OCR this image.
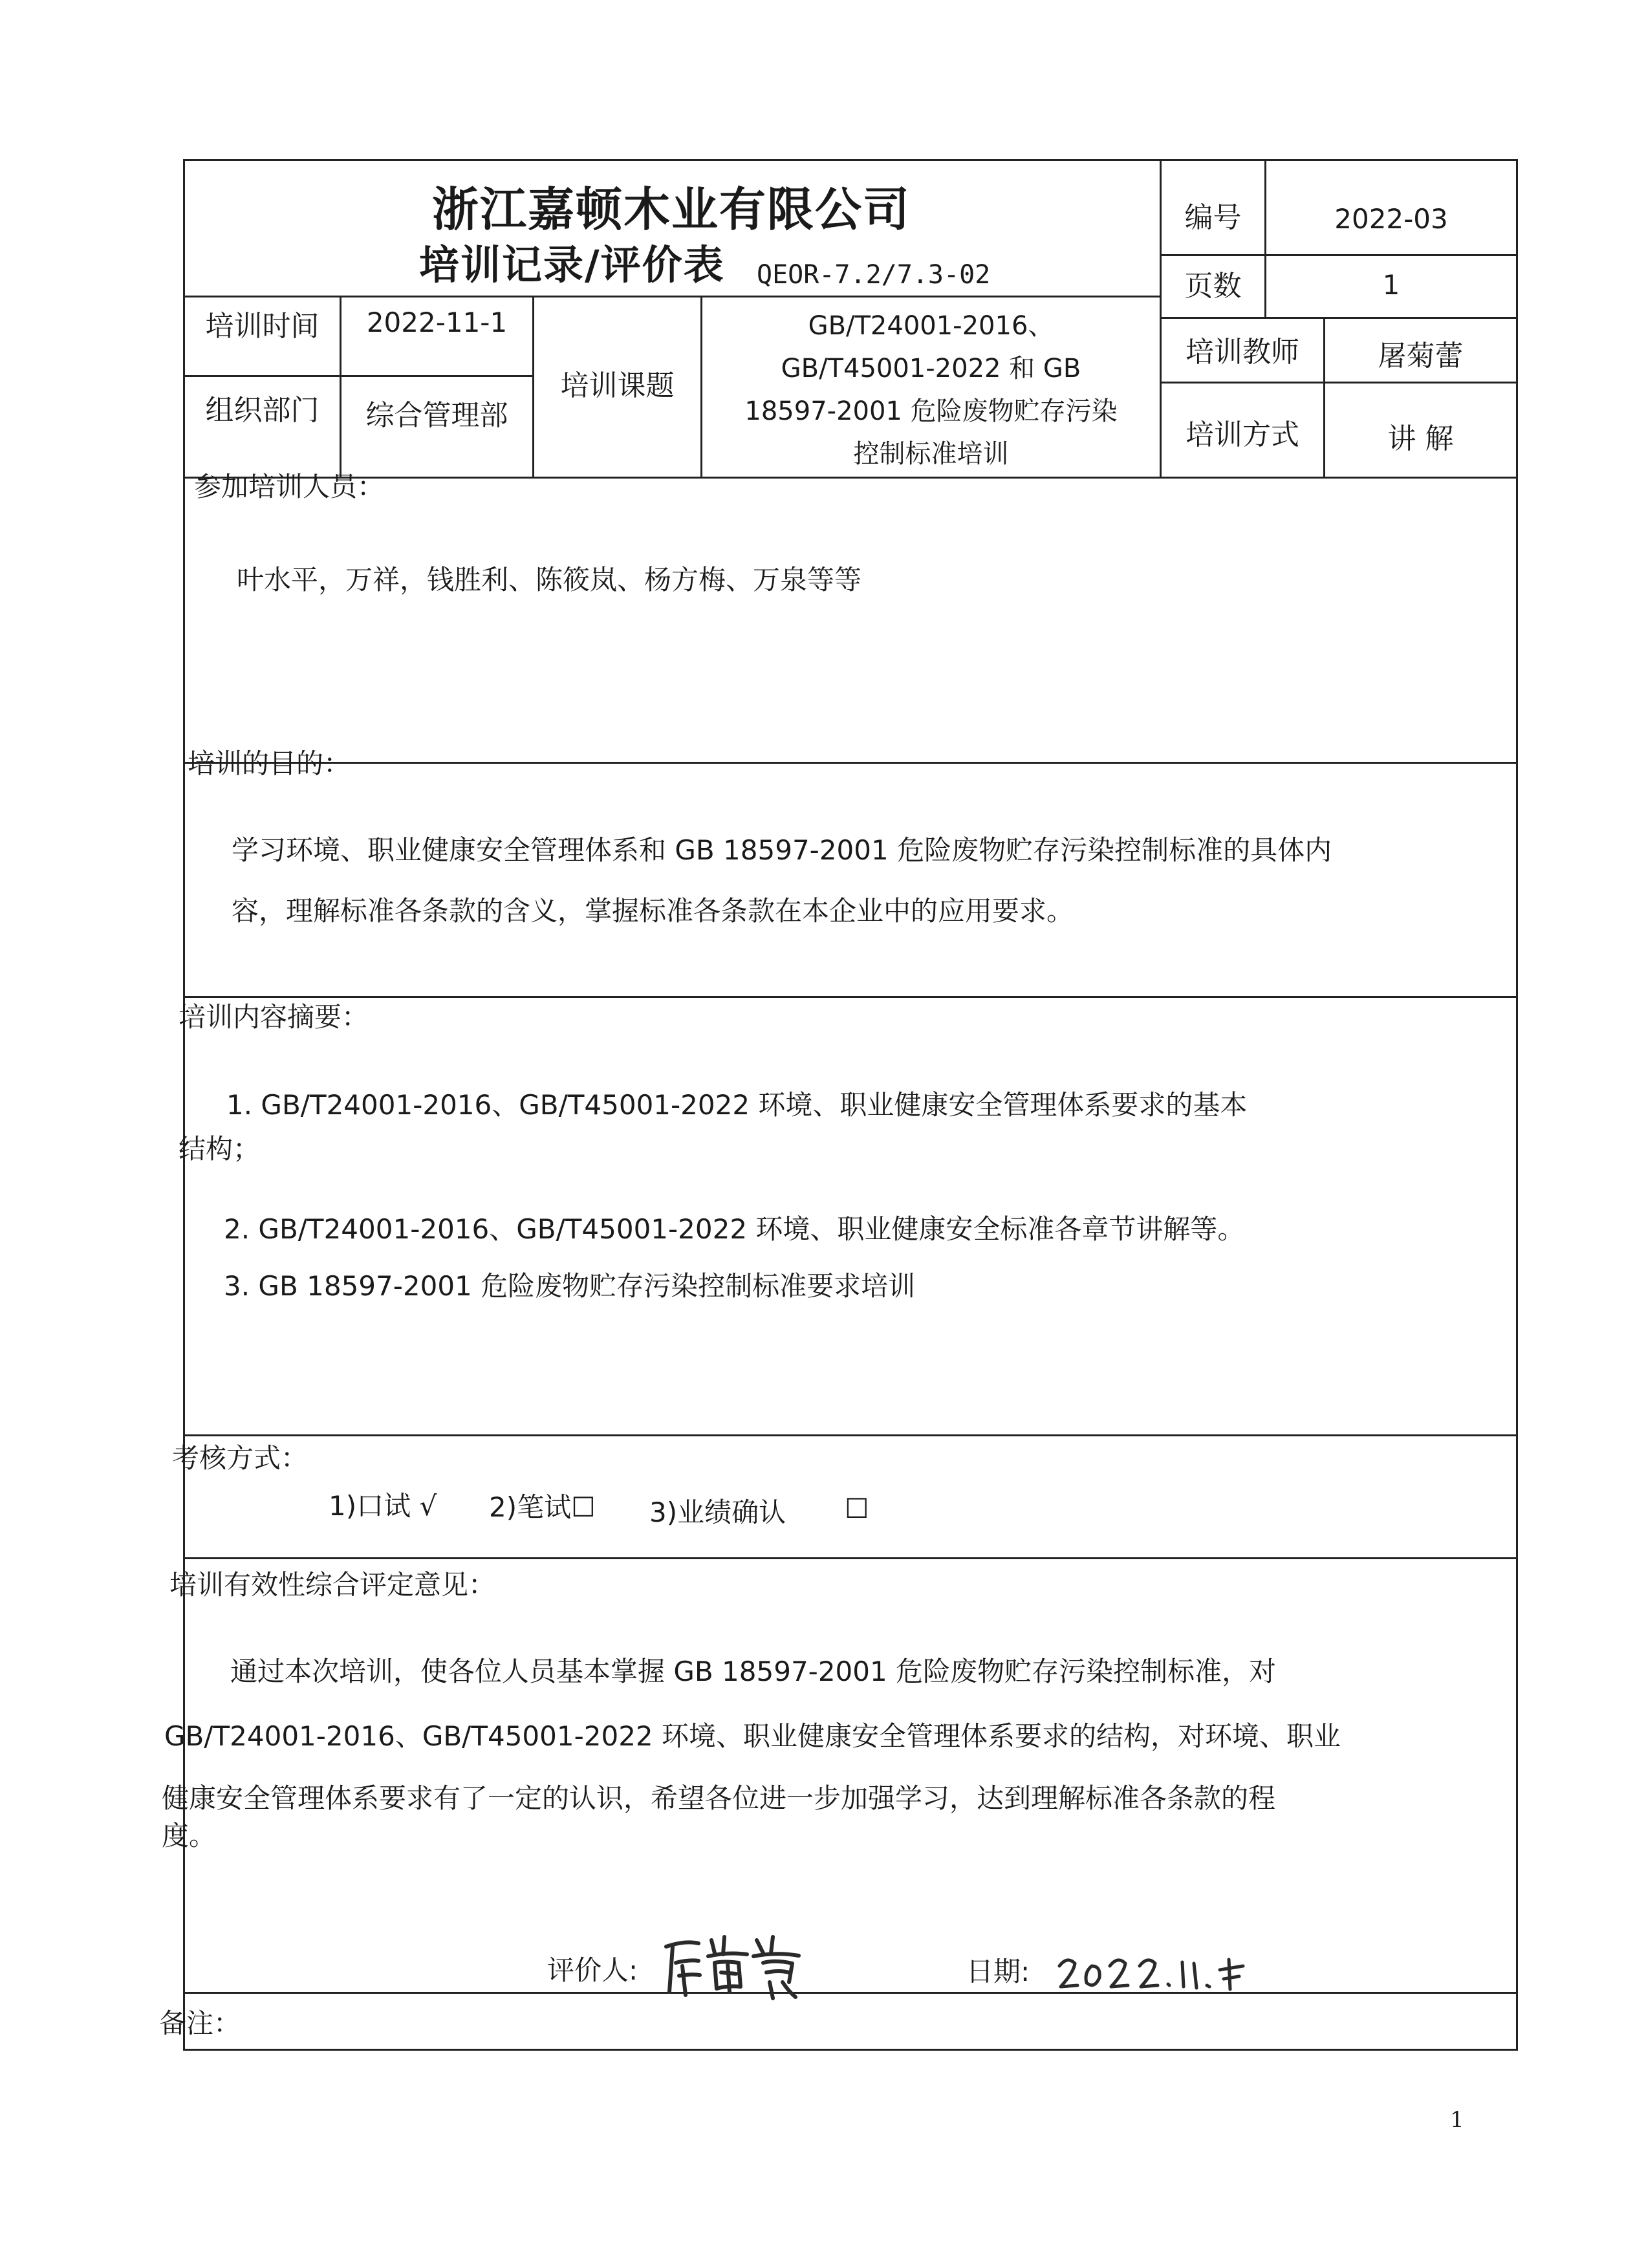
浙江嘉顿木业有限公司
培训记录/评价表 QEOR-7.2/7.3-02
编号	2022-03
页数	1
培训时间	2022-11-1
组织部门	综合管理部
培训课题
GB/T24001-2016、
GB/T45001-2022 和 GB
18597-2001 危险废物贮存污染
控制标准培训
培训教师	屠菊蕾
培训方式	讲 解
参加培训人员：
叶水平，万祥，钱胜利、陈筱岚、杨方梅、万泉等等
培训的目的：
学习环境、职业健康安全管理体系和 GB 18597-2001 危险废物贮存污染控制标准的具体内
容，理解标准各条款的含义，掌握标准各条款在本企业中的应用要求。
培训内容摘要：
1. GB/T24001-2016、GB/T45001-2022 环境、职业健康安全管理体系要求的基本
结构；
2. GB/T24001-2016、GB/T45001-2022 环境、职业健康安全标准各章节讲解等。
3. GB 18597-2001 危险废物贮存污染控制标准要求培训
考核方式：
1)口试 √ 2)笔试☐ 3)业绩确认 ☐
培训有效性综合评定意见：
通过本次培训，使各位人员基本掌握 GB 18597-2001 危险废物贮存污染控制标准，对
GB/T24001-2016、GB/T45001-2022 环境、职业健康安全管理体系要求的结构，对环境、职业
健康安全管理体系要求有了一定的认识，希望各位进一步加强学习，达到理解标准各条款的程
度。
评价人:	日期:
备注：
1
